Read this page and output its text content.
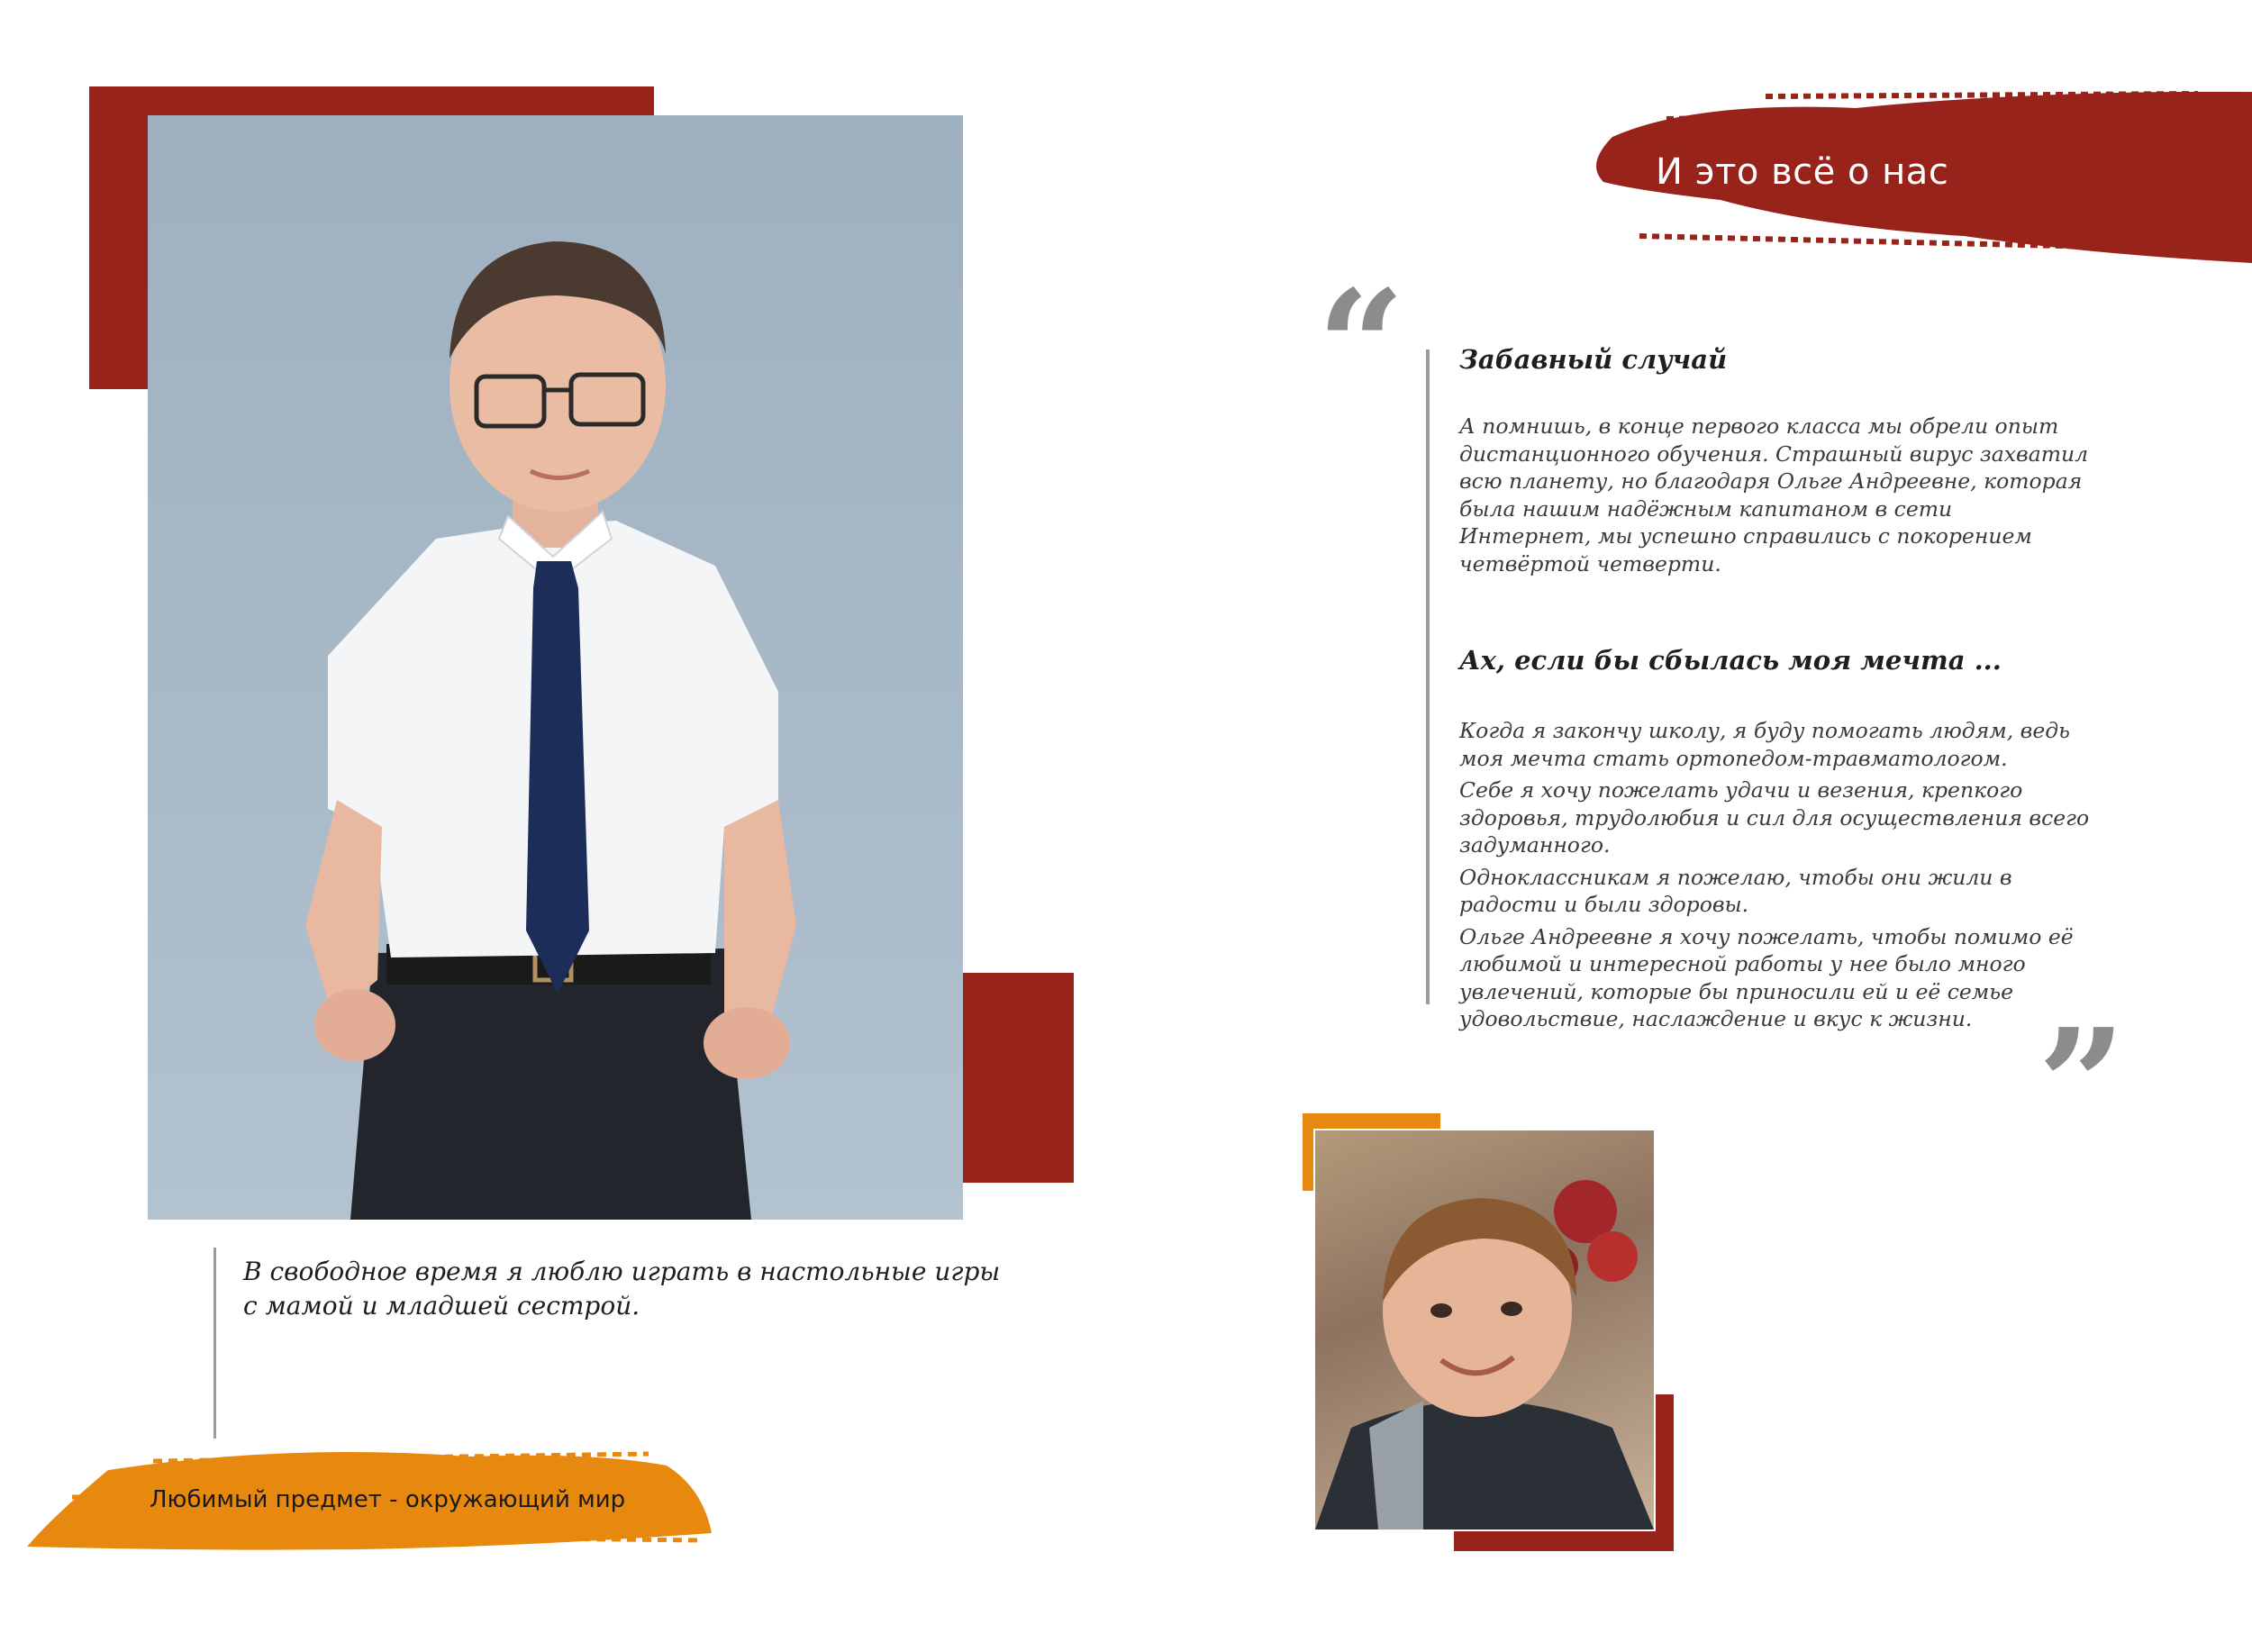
И это всё о нас
“ Забавный случай
А помнишь, в конце первого класса мы обрели опыт дистанционного обучения. Страшный вирус захватил всю планету, но благодаря Ольге Андреевне, которая была нашим надёжным капитаном в сети Интернет, мы успешно справились с покорением четвёртой четверти.
Ах, если бы сбылась моя мечта ...

Когда я закончу школу, я буду помогать людям, ведь моя мечта стать ортопедом-травматологом.

Себе я хочу пожелать удачи и везения, крепкого здоровья, трудолюбия и сил для осуществления всего задуманного.

Одноклассникам я пожелаю, чтобы они жили в радости и были здоровы.

Ольге Андреевне я хочу пожелать, чтобы помимо её любимой и интересной работы у нее было много увлечений, которые бы приносили ей и её семье удовольствие, наслаждение и вкус к жизни. ”
В свободное время я люблю играть в настольные игры с мамой и младшей сестрой.
Любимый предмет - окружающий мир
